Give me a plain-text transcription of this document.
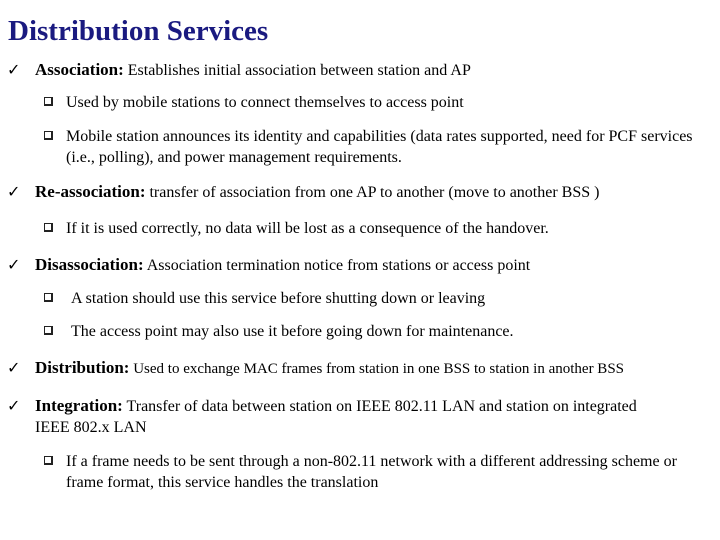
Distribution Services
✓ Association: Establishes initial association between station and AP
Used by mobile stations to connect themselves to access point
Mobile station announces its identity and capabilities (data rates supported, need for PCF services (i.e., polling), and power management requirements.
✓ Re-association: transfer of association from one AP to another (move to another BSS )
If it is used correctly, no data will be lost as a consequence of the handover.
✓ Disassociation: Association termination notice from stations or access point
A station should use this service before shutting down or leaving
The access point may also use it before going down for maintenance.
✓ Distribution: Used to exchange MAC frames from station in one BSS to station in another BSS
✓ Integration: Transfer of data between station on IEEE 802.11 LAN and station on integrated IEEE 802.x LAN
If a frame needs to be sent through a non-802.11 network with a different addressing scheme or frame format, this service handles the translation
